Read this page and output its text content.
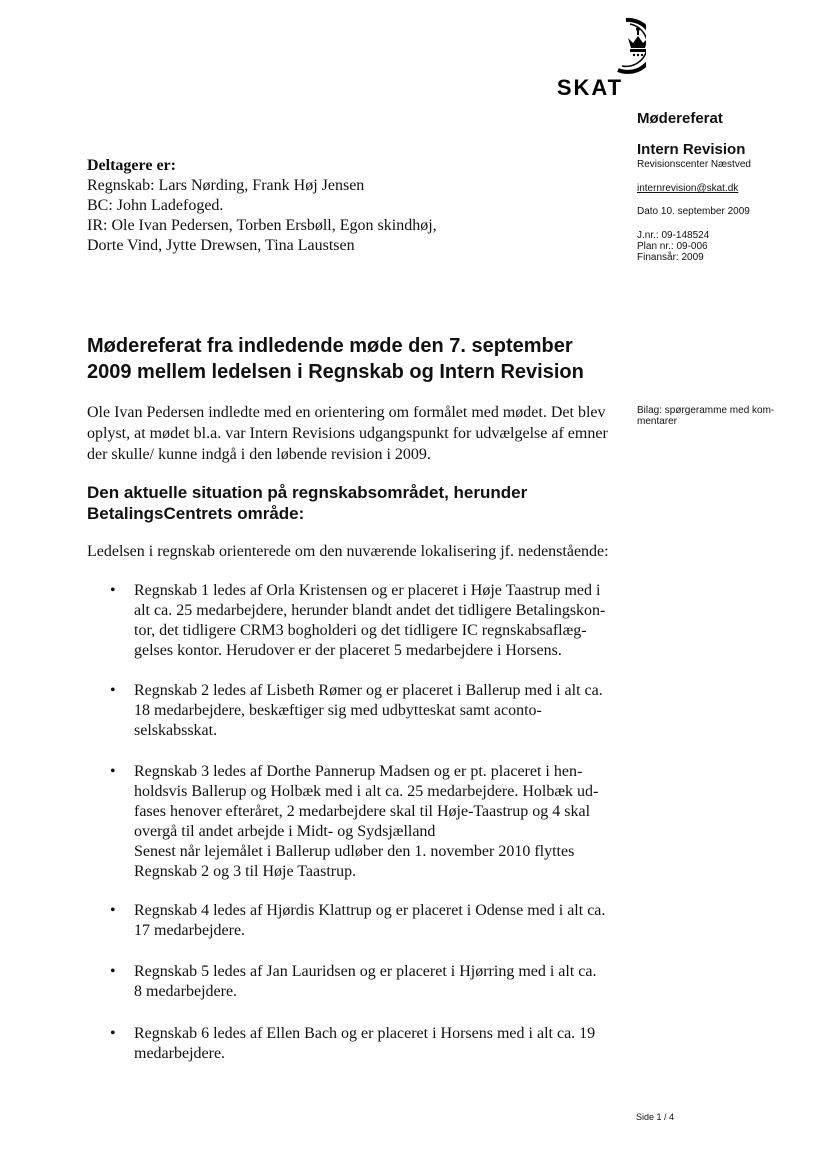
SKAT
Mødereferat
Intern Revision
Revisionscenter Næstved
internrevision@skat.dk
Dato 10. september 2009
J.nr.: 09-148524
Plan nr.: 09-006
Finansår: 2009
Deltagere er:
Regnskab: Lars Nørding, Frank Høj Jensen
BC: John Ladefoged.
IR: Ole Ivan Pedersen, Torben Ersbøll, Egon skindhøj,
Dorte Vind, Jytte Drewsen, Tina Laustsen
Mødereferat fra indledende møde den 7. september
2009 mellem ledelsen i Regnskab og Intern Revision
Ole Ivan Pedersen indledte med en orientering om formålet med mødet. Det blev
oplyst, at mødet bl.a. var Intern Revisions udgangspunkt for udvælgelse af emner
der skulle/ kunne indgå i den løbende revision i 2009.
Bilag: spørgeramme med kom-
mentarer
Den aktuelle situation på regnskabsområdet, herunder
BetalingsCentrets område:
Ledelsen i regnskab orienterede om den nuværende lokalisering jf. nedenstående:
• Regnskab 1 ledes af Orla Kristensen og er placeret i Høje Taastrup med i
alt ca. 25 medarbejdere, herunder blandt andet det tidligere Betalingskon-
tor, det tidligere CRM3 bogholderi og det tidligere IC regnskabsaflæg-
gelses kontor. Herudover er der placeret 5 medarbejdere i Horsens.
• Regnskab 2 ledes af Lisbeth Rømer og er placeret i Ballerup med i alt ca.
18 medarbejdere, beskæftiger sig med udbytteskat samt aconto-
selskabsskat.
• Regnskab 3 ledes af Dorthe Pannerup Madsen og er pt. placeret i hen-
holdsvis Ballerup og Holbæk med i alt ca. 25 medarbejdere. Holbæk ud-
fases henover efteråret, 2 medarbejdere skal til Høje-Taastrup og 4 skal
overgå til andet arbejde i Midt- og Sydsjælland
Senest når lejemålet i Ballerup udløber den 1. november 2010 flyttes
Regnskab 2 og 3 til Høje Taastrup.
• Regnskab 4 ledes af Hjørdis Klattrup og er placeret i Odense med i alt ca.
17 medarbejdere.
• Regnskab 5 ledes af Jan Lauridsen og er placeret i Hjørring med i alt ca.
8 medarbejdere.
• Regnskab 6 ledes af Ellen Bach og er placeret i Horsens med i alt ca. 19
medarbejdere.
Side 1 / 4
